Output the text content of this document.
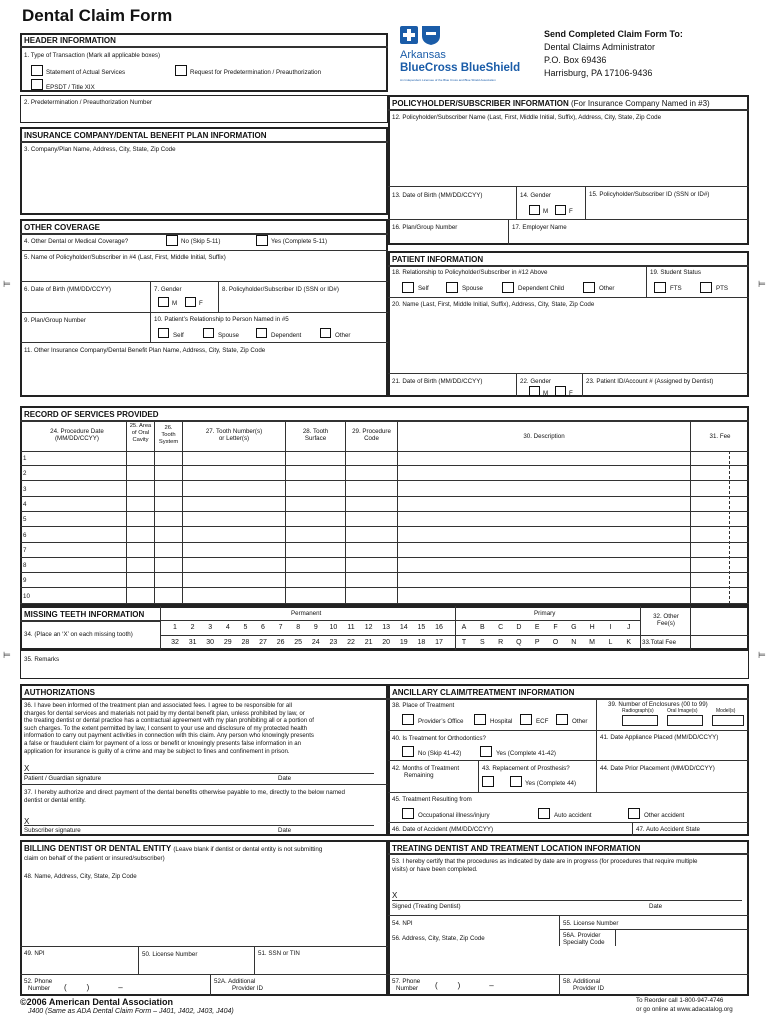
Dental Claim Form
Arkansas
BlueCross BlueShield
An Independent Licensee of the Blue Cross and Blue Shield Association
Send Completed Claim Form To:
Dental Claims Administrator
P.O. Box 69436
Harrisburg, PA 17106-9436
⊨	⊨
⊨	⊨
HEADER INFORMATION
1. Type of Transaction (Mark all applicable boxes)
Statement of Actual Services	Request for Predetermination / Preauthorization
EPSDT / Title XIX
2. Predetermination / Preauthorization Number
INSURANCE COMPANY/DENTAL BENEFIT PLAN INFORMATION
3. Company/Plan Name, Address, City, State, Zip Code
OTHER COVERAGE
4. Other Dental or Medical Coverage?	No (Skip 5-11)	Yes (Complete 5-11)
5. Name of Policyholder/Subscriber in #4 (Last, First, Middle Initial, Suffix)
6. Date of Birth (MM/DD/CCYY)	7. Gender
M	F
8. Policyholder/Subscriber ID (SSN or ID#)
9. Plan/Group Number	10. Patient’s Relationship to Person Named in #5
Self	Spouse	Dependent	Other
11. Other Insurance Company/Dental Benefit Plan Name, Address, City, State, Zip Code
POLICYHOLDER/SUBSCRIBER INFORMATION (For Insurance Company Named in #3)
12. Policyholder/Subscriber Name (Last, First, Middle Initial, Suffix), Address, City, State, Zip Code
13. Date of Birth (MM/DD/CCYY)	14. Gender
M	F
15. Policyholder/Subscriber ID (SSN or ID#)
16. Plan/Group Number	17. Employer Name
PATIENT INFORMATION
18. Relationship to Policyholder/Subscriber in #12 Above
Self	Spouse	Dependent Child	Other
19. Student Status
FTS	PTS
20. Name (Last, First, Middle Initial, Suffix), Address, City, State, Zip Code
21. Date of Birth (MM/DD/CCYY)	22. Gender
M	F
23. Patient ID/Account # (Assigned by Dentist)
RECORD OF SERVICES PROVIDED
24. Procedure Date
(MM/DD/CCYY)
25. Area
of Oral
Cavity
26.
Tooth
System
27. Tooth Number(s)
or Letter(s)
28. Tooth
Surface
29. Procedure
Code	30. Description	31. Fee
1
2
3
4
5
6
7
8
9
10
MISSING TEETH INFORMATION	Permanent	Primary
34. (Place an ‘X’ on each missing tooth)
1	2	3	4	5	6	7	8	9	10	11	12	13	14	15	16
32	31	30	29	28	27	26	25	24	23	22	21	20	19	18	17
A	B	C	D	E	F	G	H	I	J
T	S	R	Q	P	O	N	M	L	K
32. Other
Fee(s)
33.Total Fee
35. Remarks
AUTHORIZATIONS
36. I have been informed of the treatment plan and associated fees. I agree to be responsible for all
charges for dental services and materials not paid by my dental benefit plan, unless prohibited by law, or
the treating dentist or dental practice has a contractual agreement with my plan prohibiting all or a portion of
such charges. To the extent permitted by law, I consent to your use and disclosure of my protected health
information to carry out payment activities in connection with this claim. Any person who knowingly presents
a false or fraudulent claim for payment of a loss or benefit or knowingly presents false information in an
application for insurance is guilty of a crime and may be subject to fines and confinement in prison.
X
Patient / Guardian signature	Date
37. I hereby authorize and direct payment of the dental benefits otherwise payable to me, directly to the below named
dentist or dental entity.
X
Subscriber signature	Date
ANCILLARY CLAIM/TREATMENT INFORMATION
38. Place of Treatment
Provider’s Office	Hospital	ECF	Other
39. Number of Enclosures (00 to 99)
Radiograph(s)	Oral Image(s)	Model(s)
40. Is Treatment for Orthodontics?
No (Skip 41-42)	Yes (Complete 41-42)
41. Date Appliance Placed (MM/DD/CCYY)
42. Months of Treatment
Remaining
43. Replacement of Prosthesis?
Yes (Complete 44)
44. Date Prior Placement (MM/DD/CCYY)
45. Treatment Resulting from
Occupational illness/injury	Auto accident	Other accident
46. Date of Accident (MM/DD/CCYY)	47. Auto Accident State
BILLING DENTIST OR DENTAL ENTITY (Leave blank if dentist or dental entity is not submitting
claim on behalf of the patient or insured/subscriber)
48. Name, Address, City, State, Zip Code
49. NPI	50. License Number	51. SSN or TIN
52. Phone
Number (         )             –
52A. Additional
Provider ID
TREATING DENTIST AND TREATMENT LOCATION INFORMATION
53. I hereby certify that the procedures as indicated by date are in progress (for procedures that require multiple
visits) or have been completed.
X
Signed (Treating Dentist)	Date
54. NPI	55. License Number
56. Address, City, State, Zip Code	56A. Provider
Specialty Code
57. Phone
Number (         )             –	58. Additional
Provider ID
©2006 American Dental Association
J400 (Same as ADA Dental Claim Form – J401, J402, J403, J404)
To Reorder call 1-800-947-4746
or go online at www.adacatalog.org
